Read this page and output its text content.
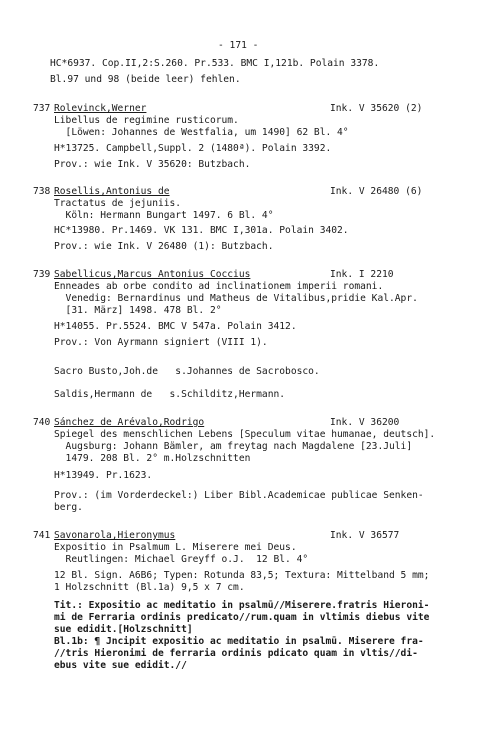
- 171 -
HC*6937. Cop.II,2:S.260. Pr.533. BMC I,121b. Polain 3378.
Bl.97 und 98 (beide leer) fehlen.
737 Rolevinck,Werner	Ink. V 35620 (2)
Libellus de regimine rusticorum.
[Löwen: Johannes de Westfalia, um 1490] 62 Bl. 4°
H*13725. Campbell,Suppl. 2 (1480ª). Polain 3392.
Prov.: wie Ink. V 35620: Butzbach.
738 Rosellis,Antonius de	Ink. V 26480 (6)
Tractatus de jejuniis.
Köln: Hermann Bungart 1497. 6 Bl. 4°
HC*13980. Pr.1469. VK 131. BMC I,301a. Polain 3402.
Prov.: wie Ink. V 26480 (1): Butzbach.
739 Sabellicus,Marcus Antonius Coccius	Ink. I 2210
Enneades ab orbe condito ad inclinationem imperii romani.
Venedig: Bernardinus und Matheus de Vitalibus,pridie Kal.Apr.
[31. März] 1498. 478 Bl. 2°
H*14055. Pr.5524. BMC V 547a. Polain 3412.
Prov.: Von Ayrmann signiert (VIII 1).
Sacro Busto,Joh.de   s.Johannes de Sacrobosco.
Saldis,Hermann de   s.Schilditz,Hermann.
740 Sánchez de Arévalo,Rodrigo	Ink. V 36200
Spiegel des menschlichen Lebens [Speculum vitae humanae, deutsch].
Augsburg: Johann Bämler, am freytag nach Magdalene [23.Juli]
1479. 208 Bl. 2° m.Holzschnitten
H*13949. Pr.1623.
Prov.: (im Vorderdeckel:) Liber Bibl.Academicae publicae Senken-
berg.
741 Savonarola,Hieronymus	Ink. V 36577
Expositio in Psalmum L. Miserere mei Deus.
Reutlingen: Michael Greyff o.J.  12 Bl. 4°
12 Bl. Sign. A6B6; Typen: Rotunda 83,5; Textura: Mittelband 5 mm;
1 Holzschnitt (Bl.1a) 9,5 x 7 cm.
Tit.: Expositio ac meditatio in psalmū//Miserere.fratris Hieroni-
mi de Ferraria ordinis predicato//rum.quam in vltimis diebus vite
sue edidit.[Holzschnitt]
Bl.1b: ¶ Jncipit expositio ac meditatio in psalmū. Miserere fra-
//tris Hieronimi de ferraria ordinis pdicato quam in vltis//di-
ebus vite sue edidit.//
